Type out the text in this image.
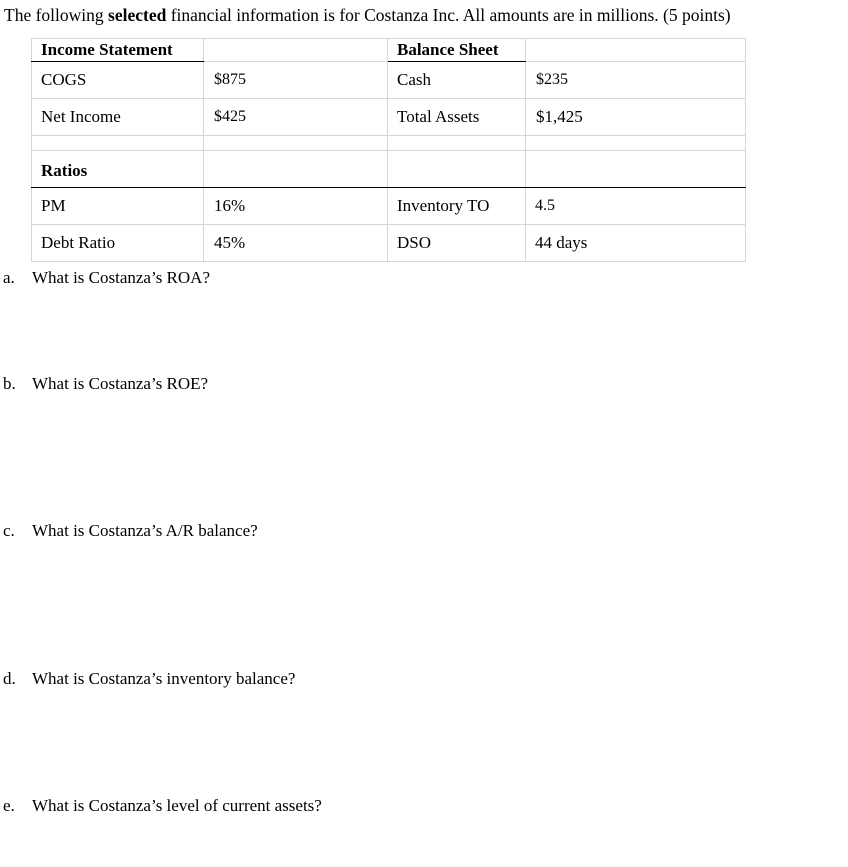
The following selected financial information is for Costanza Inc. All amounts are in millions. (5 points)
Income Statement		Balance Sheet	
COGS	$875	Cash	$235
Net Income	$425	Total Assets	$1,425

Ratios			
PM	16%	Inventory TO	4.5
Debt Ratio	45%	DSO	44 days
a. What is Costanza’s ROA?
b. What is Costanza’s ROE?
c. What is Costanza’s A/R balance?
d. What is Costanza’s inventory balance?
e. What is Costanza’s level of current assets?
